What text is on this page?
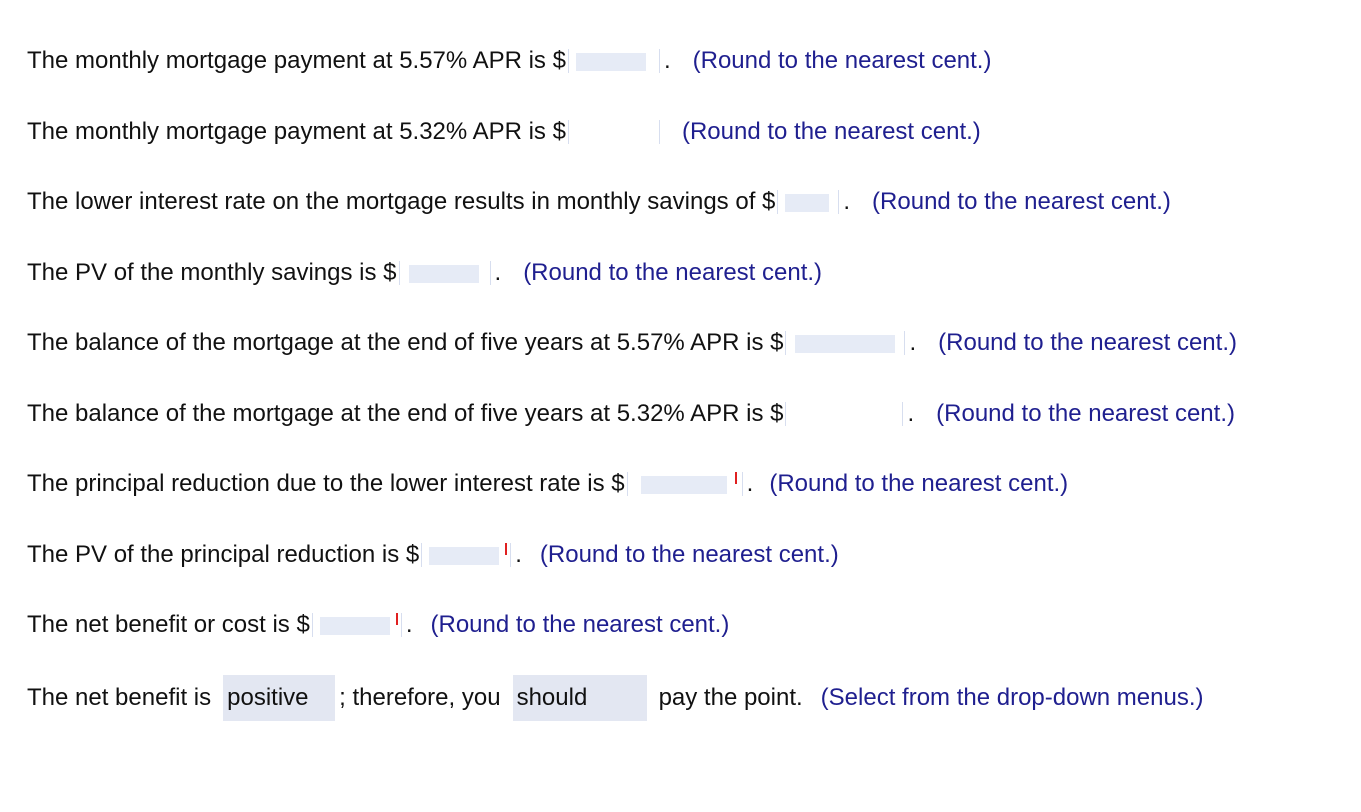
The monthly mortgage payment at 5.57% APR is $	. (Round to the nearest cent.)
The monthly mortgage payment at 5.32% APR is $	(Round to the nearest cent.)
The lower interest rate on the mortgage results in monthly savings of $	. (Round to the nearest cent.)
The PV of the monthly savings is $	. (Round to the nearest cent.)
The balance of the mortgage at the end of five years at 5.57% APR is $	. (Round to the nearest cent.)
The balance of the mortgage at the end of five years at 5.32% APR is $	. (Round to the nearest cent.)
The principal reduction due to the lower interest rate is $	. (Round to the nearest cent.)
The PV of the principal reduction is $	. (Round to the nearest cent.)
The net benefit or cost is $	. (Round to the nearest cent.)
The net benefit is positive	; therefore, you should	pay the point. (Select from the drop-down menus.)
